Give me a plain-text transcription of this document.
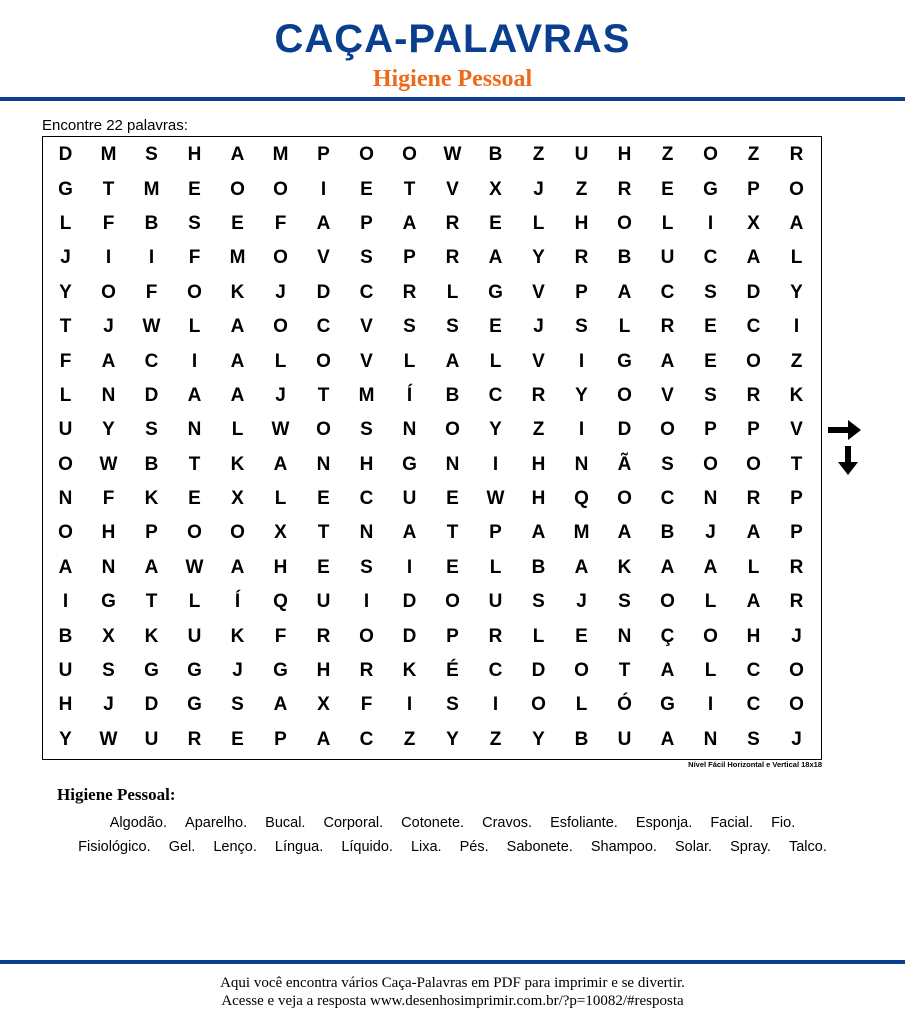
CAÇA-PALAVRAS
Higiene Pessoal
Encontre 22 palavras:
D	M	S	H	A	M	P	O	O	W	B	Z	U	H	Z	O	Z	R
G	T	M	E	O	O	I	E	T	V	X	J	Z	R	E	G	P	O
L	F	B	S	E	F	A	P	A	R	E	L	H	O	L	I	X	A
J	I	I	F	M	O	V	S	P	R	A	Y	R	B	U	C	A	L
Y	O	F	O	K	J	D	C	R	L	G	V	P	A	C	S	D	Y
T	J	W	L	A	O	C	V	S	S	E	J	S	L	R	E	C	I
F	A	C	I	A	L	O	V	L	A	L	V	I	G	A	E	O	Z
L	N	D	A	A	J	T	M	Í	B	C	R	Y	O	V	S	R	K
U	Y	S	N	L	W	O	S	N	O	Y	Z	I	D	O	P	P	V
O	W	B	T	K	A	N	H	G	N	I	H	N	Ã	S	O	O	T
N	F	K	E	X	L	E	C	U	E	W	H	Q	O	C	N	R	P
O	H	P	O	O	X	T	N	A	T	P	A	M	A	B	J	A	P
A	N	A	W	A	H	E	S	I	E	L	B	A	K	A	A	L	R
I	G	T	L	Í	Q	U	I	D	O	U	S	J	S	O	L	A	R
B	X	K	U	K	F	R	O	D	P	R	L	E	N	Ç	O	H	J
U	S	G	G	J	G	H	R	K	É	C	D	O	T	A	L	C	O
H	J	D	G	S	A	X	F	I	S	I	O	L	Ó	G	I	C	O
Y	W	U	R	E	P	A	C	Z	Y	Z	Y	B	U	A	N	S	J
Nível Fácil Horizontal e Vertical 18x18
Higiene Pessoal:
Algodão. Aparelho. Bucal. Corporal. Cotonete. Cravos. Esfoliante. Esponja. Facial. Fio. Fisiológico. Gel. Lenço. Língua. Líquido. Lixa. Pés. Sabonete. Shampoo. Solar. Spray. Talco.
Aqui você encontra vários Caça-Palavras em PDF para imprimir e se divertir.
Acesse e veja a resposta www.desenhosimprimir.com.br/?p=10082/#resposta
